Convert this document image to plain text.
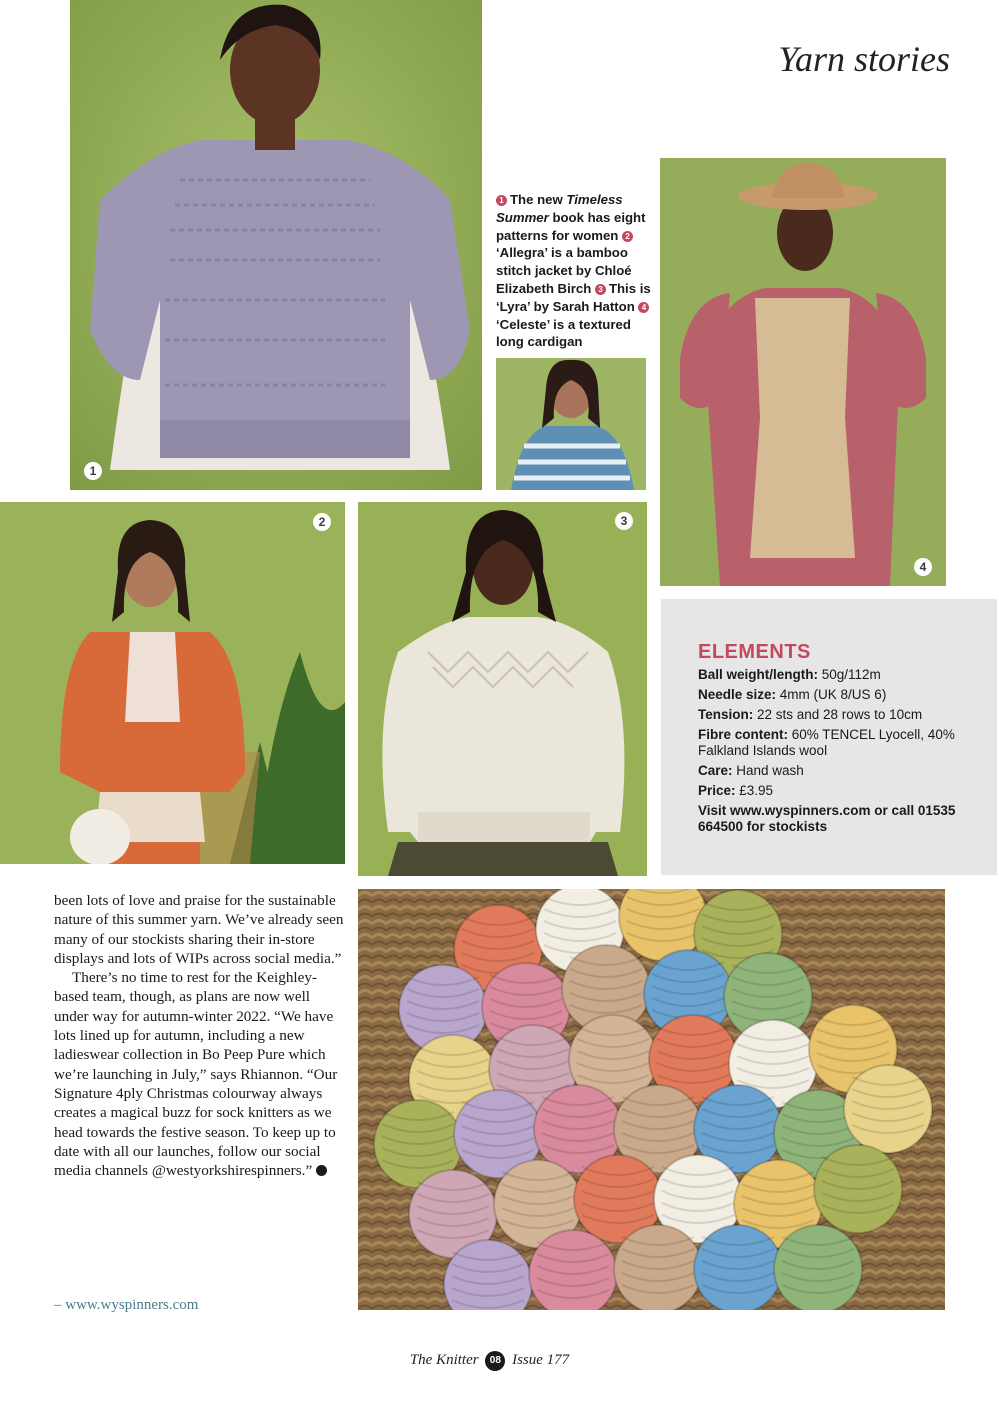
Yarn stories
1
1 The new Timeless Summer book has eight patterns for women 2‘Allegra’ is a bamboo stitch jacket by Chloé Elizabeth Birch 3 This is ‘Lyra’ by Sarah Hatton 4‘Celeste’ is a textured long cardigan
4
2	3
ELEMENTS
Ball weight/length: 50g/112m
Needle size: 4mm (UK 8/US 6)
Tension: 22 sts and 28 rows to 10cm
Fibre content: 60% TENCEL Lyocell, 40% Falkland Islands wool
Care: Hand wash
Price: £3.95
Visit www.wyspinners.com or call 01535 664500 for stockists

been lots of love and praise for the sustainable nature of this summer yarn. We’ve already seen many of our stockists sharing their in-store displays and lots of WIPs across social media.”

There’s no time to rest for the Keighley-based team, though, as plans are now well under way for autumn-winter 2022. “We have lots lined up for autumn, including a new ladieswear collection in Bo Peep Pure which we’re launching in July,” says Rhiannon. “Our Signature 4ply Christmas colourway always creates a magical buzz for sock knitters as we head towards the festive season. To keep up to date with all our launches, follow our social media channels @westyorkshirespinners.”

– www.wyspinners.com
The Knitter 08 Issue 177
